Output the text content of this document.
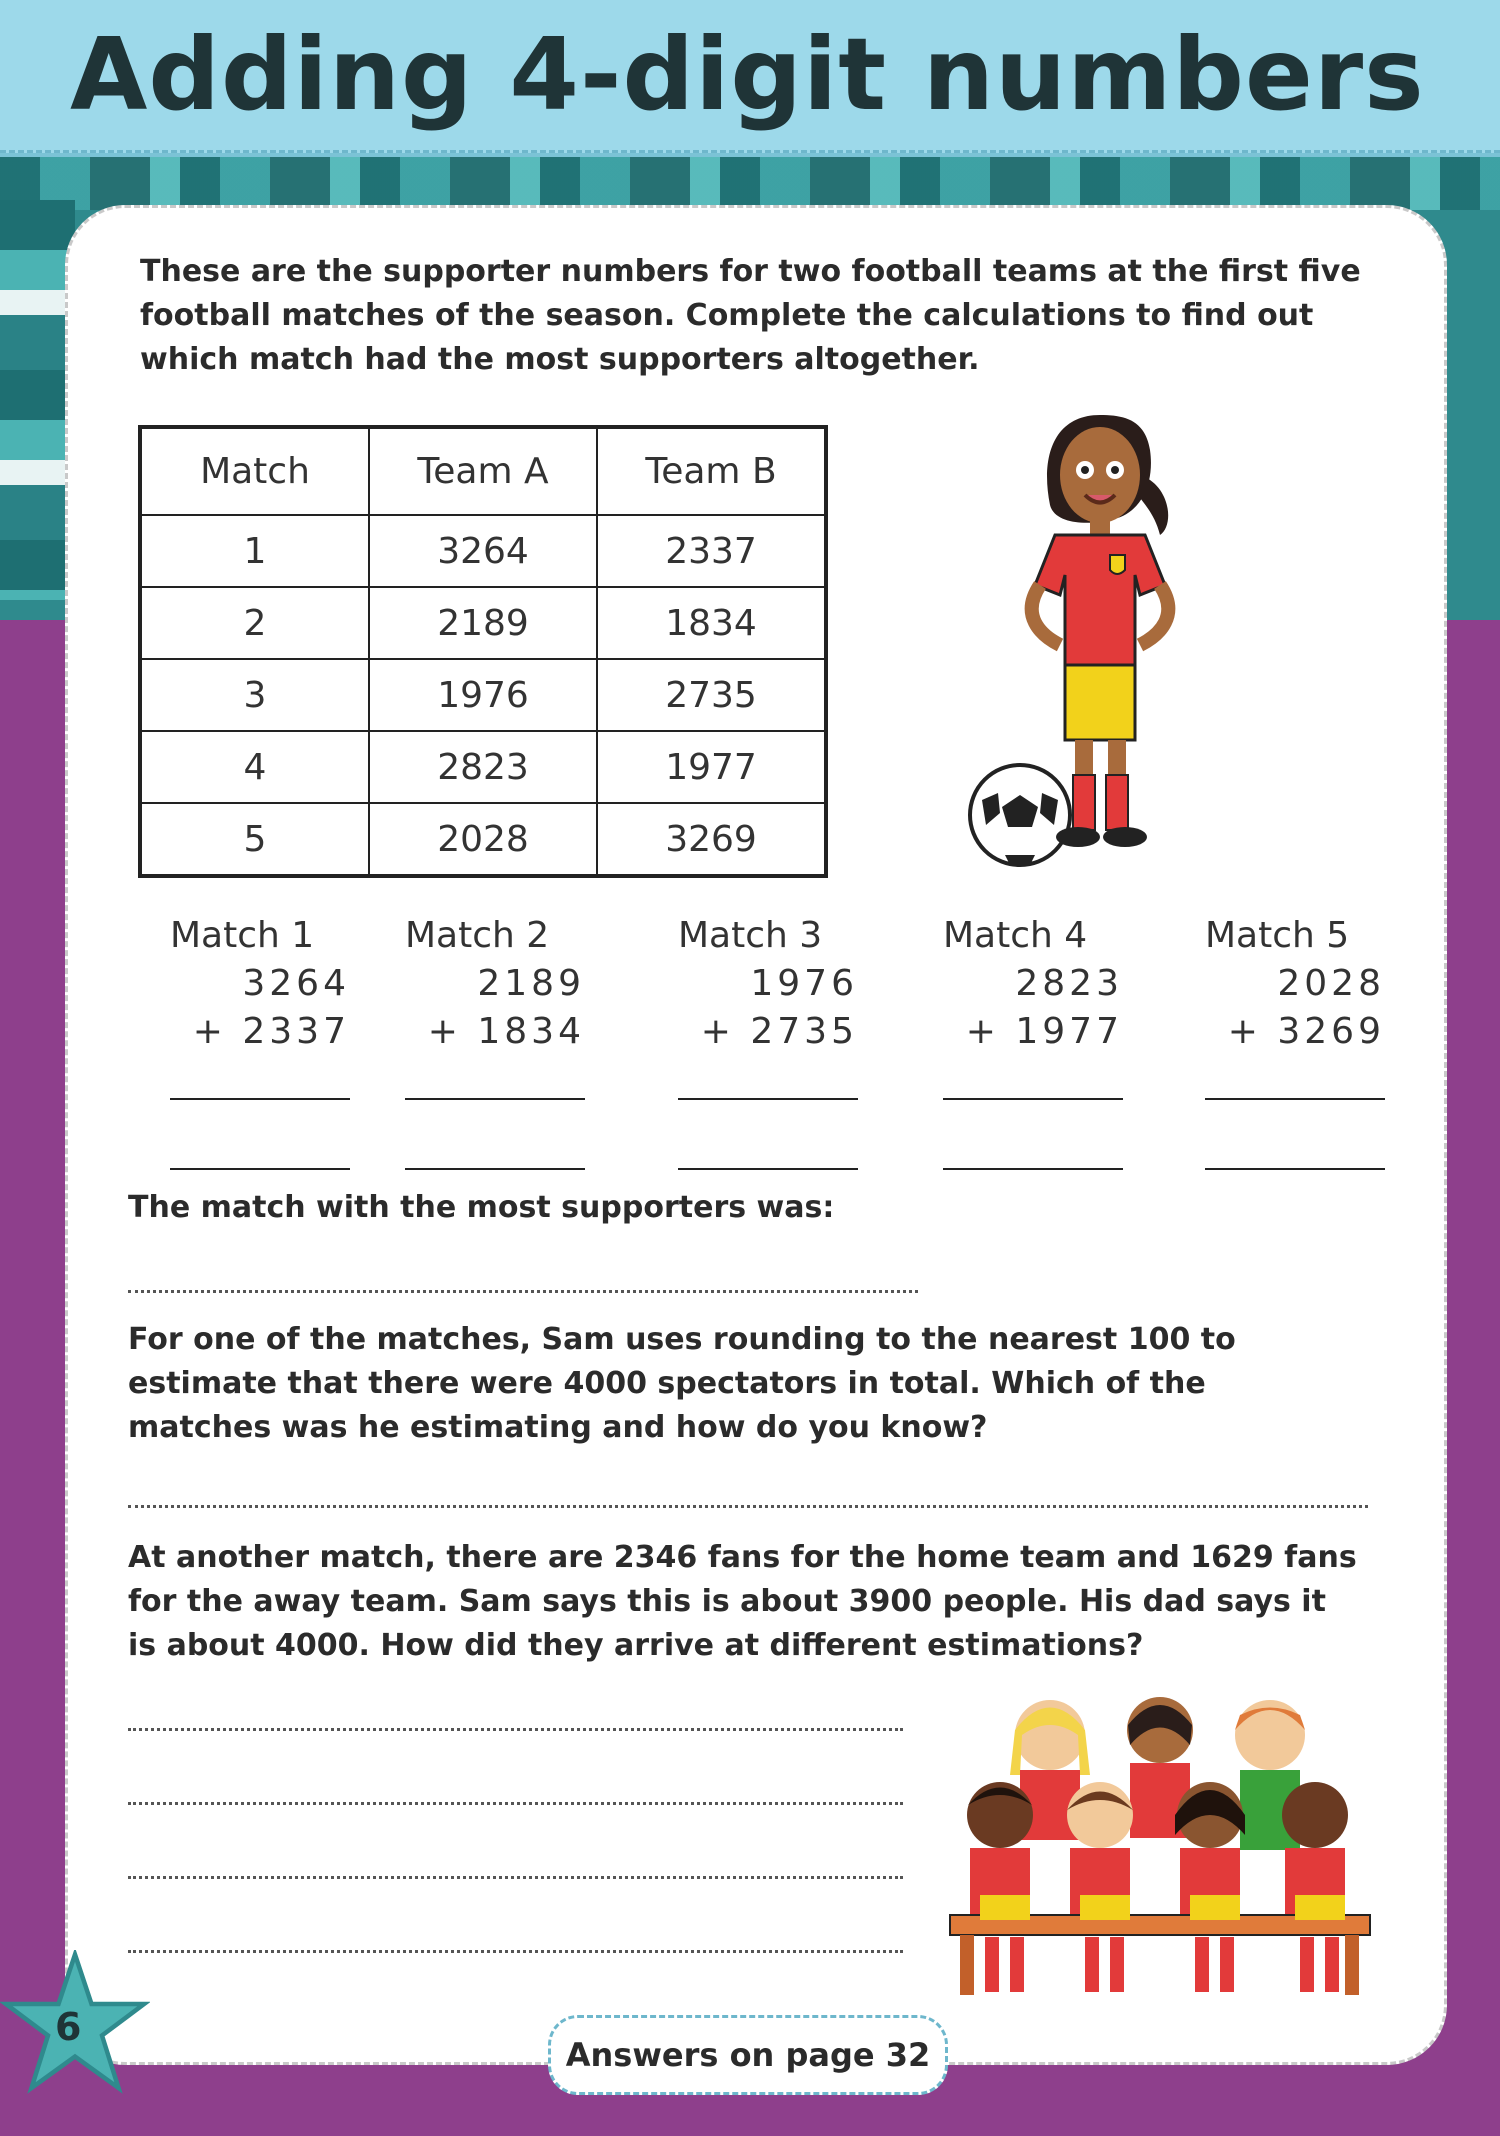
Adding 4-digit numbers

These are the supporter numbers for two football teams at the first five football matches of the season. Complete the calculations to find out which match had the most supporters altogether.

Match	Team A	Team B
1	3264	2337
2	2189	1834
3	1976	2735
4	2823	1977
5	2028	3269
Match 1
3264
+ 2337
Match 2
2189
+ 1834
Match 3
1976
+ 2735
Match 4
2823
+ 1977
Match 5
2028
+ 3269

The match with the most supporters was:

For one of the matches, Sam uses rounding to the nearest 100 to estimate that there were 4000 spectators in total. Which of the matches was he estimating and how do you know?

At another match, there are 2346 fans for the home team and 1629 fans for the away team. Sam says this is about 3900 people. His dad says it is about 4000. How did they arrive at different estimations?

6
Answers on page 32
